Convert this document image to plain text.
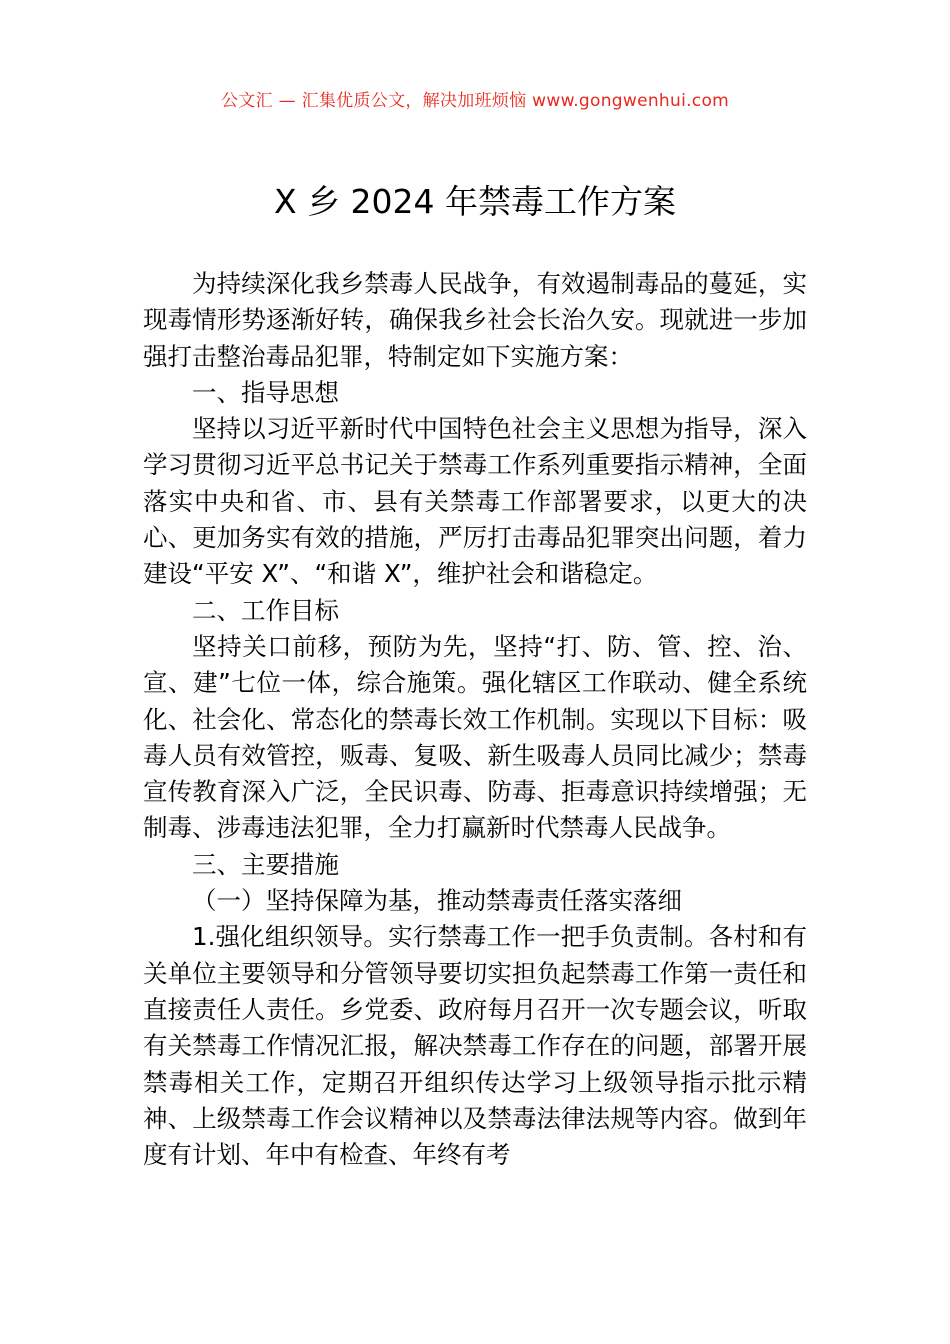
公文汇 — 汇集优质公文，解决加班烦恼 www.gongwenhui.com
X 乡 2024 年禁毒工作方案

为持续深化我乡禁毒人民战争，有效遏制毒品的蔓延，实现毒情形势逐渐好转，确保我乡社会长治久安。现就进一步加强打击整治毒品犯罪，特制定如下实施方案：

一、指导思想

坚持以习近平新时代中国特色社会主义思想为指导，深入学习贯彻习近平总书记关于禁毒工作系列重要指示精神，全面落实中央和省、市、县有关禁毒工作部署要求，以更大的决心、更加务实有效的措施，严厉打击毒品犯罪突出问题，着力建设“平安 X”、“和谐 X”，维护社会和谐稳定。

二、工作目标

坚持关口前移，预防为先，坚持“打、防、管、控、治、宣、建”七位一体，综合施策。强化辖区工作联动、健全系统化、社会化、常态化的禁毒长效工作机制。实现以下目标：吸毒人员有效管控，贩毒、复吸、新生吸毒人员同比减少；禁毒宣传教育深入广泛，全民识毒、防毒、拒毒意识持续增强；无制毒、涉毒违法犯罪，全力打赢新时代禁毒人民战争。

三、主要措施

（一）坚持保障为基，推动禁毒责任落实落细

1.强化组织领导。实行禁毒工作一把手负责制。各村和有关单位主要领导和分管领导要切实担负起禁毒工作第一责任和直接责任人责任。乡党委、政府每月召开一次专题会议，听取有关禁毒工作情况汇报，解决禁毒工作存在的问题，部署开展禁毒相关工作，定期召开组织传达学习上级领导指示批示精神、上级禁毒工作会议精神以及禁毒法律法规等内容。做到年度有计划、年中有检查、年终有考
